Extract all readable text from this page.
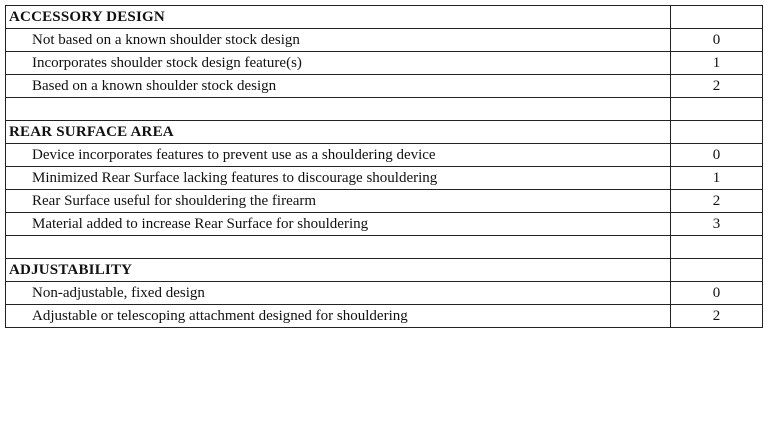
ACCESSORY DESIGN	
Not based on a known shoulder stock design	0
Incorporates shoulder stock design feature(s)	1
Based on a known shoulder stock design	2

REAR SURFACE AREA	
Device incorporates features to prevent use as a shouldering device	0
Minimized Rear Surface lacking features to discourage shouldering	1
Rear Surface useful for shouldering the firearm	2
Material added to increase Rear Surface for shouldering	3

ADJUSTABILITY	
Non-adjustable, fixed design	0
Adjustable or telescoping attachment designed for shouldering	2
